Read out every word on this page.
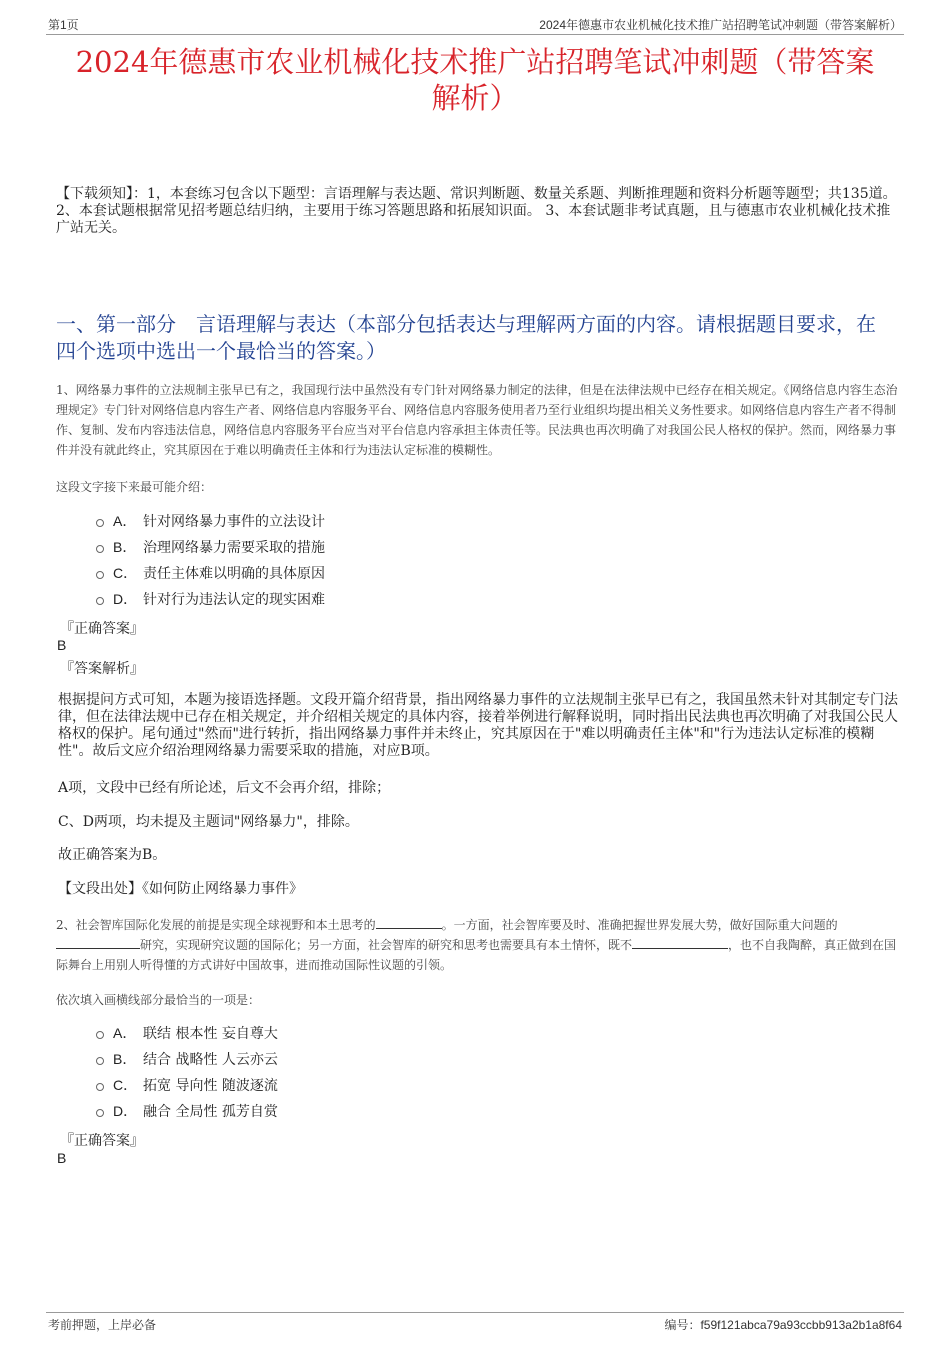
第1页	2024年德惠市农业机械化技术推广站招聘笔试冲刺题（带答案解析）
2024年德惠市农业机械化技术推广站招聘笔试冲刺题（带答案
解析）
【下载须知】：1，本套练习包含以下题型：言语理解与表达题、常识判断题、数量关系题、判断推理题和资料分析题等题型；共135道。 2、本套试题根据常见招考题总结归纳，主要用于练习答题思路和拓展知识面。 3、本套试题非考试真题，且与德惠市农业机械化技术推广站无关。
一、第一部分　言语理解与表达（本部分包括表达与理解两方面的内容。请根据题目要求，在四个选项中选出一个最恰当的答案。）
1、网络暴力事件的立法规制主张早已有之，我国现行法中虽然没有专门针对网络暴力制定的法律，但是在法律法规中已经存在相关规定。《网络信息内容生态治理规定》专门针对网络信息内容生产者、网络信息内容服务平台、网络信息内容服务使用者乃至行业组织均提出相关义务性要求。如网络信息内容生产者不得制作、复制、发布内容违法信息，网络信息内容服务平台应当对平台信息内容承担主体责任等。民法典也再次明确了对我国公民人格权的保护。然而，网络暴力事件并没有就此终止，究其原因在于难以明确责任主体和行为违法认定标准的模糊性。
这段文字接下来最可能介绍：
A． 针对网络暴力事件的立法设计
B． 治理网络暴力需要采取的措施
C． 责任主体难以明确的具体原因
D． 针对行为违法认定的现实困难
『正确答案』
B
『答案解析』
根据提问方式可知，本题为接语选择题。文段开篇介绍背景，指出网络暴力事件的立法规制主张早已有之，我国虽然未针对其制定专门法律，但在法律法规中已存在相关规定，并介绍相关规定的具体内容，接着举例进行解释说明，同时指出民法典也再次明确了对我国公民人格权的保护。尾句通过"然而"进行转折，指出网络暴力事件并未终止，究其原因在于"难以明确责任主体"和"行为违法认定标准的模糊性"。故后文应介绍治理网络暴力需要采取的措施，对应B项。
A项，文段中已经有所论述，后文不会再介绍，排除；
C、D两项，均未提及主题词"网络暴力"，排除。
故正确答案为B。
【文段出处】《如何防止网络暴力事件》
2、社会智库国际化发展的前提是实现全球视野和本土思考的	。一方面，社会智库要及时、准确把握世界发展大势，做好国际重大问题的研究，实现研究议题的国际化；另一方面，社会智库的研究和思考也需要具有本土情怀，既不	，也不自我陶醉，真正做到在国际舞台上用别人听得懂的方式讲好中国故事，进而推动国际性议题的引领。
依次填入画横线部分最恰当的一项是：
A． 联结 根本性 妄自尊大
B． 结合 战略性 人云亦云
C． 拓宽 导向性 随波逐流
D． 融合 全局性 孤芳自赏
『正确答案』
B
考前押题，上岸必备	编号：f59f121abca79a93ccbb913a2b1a8f64
